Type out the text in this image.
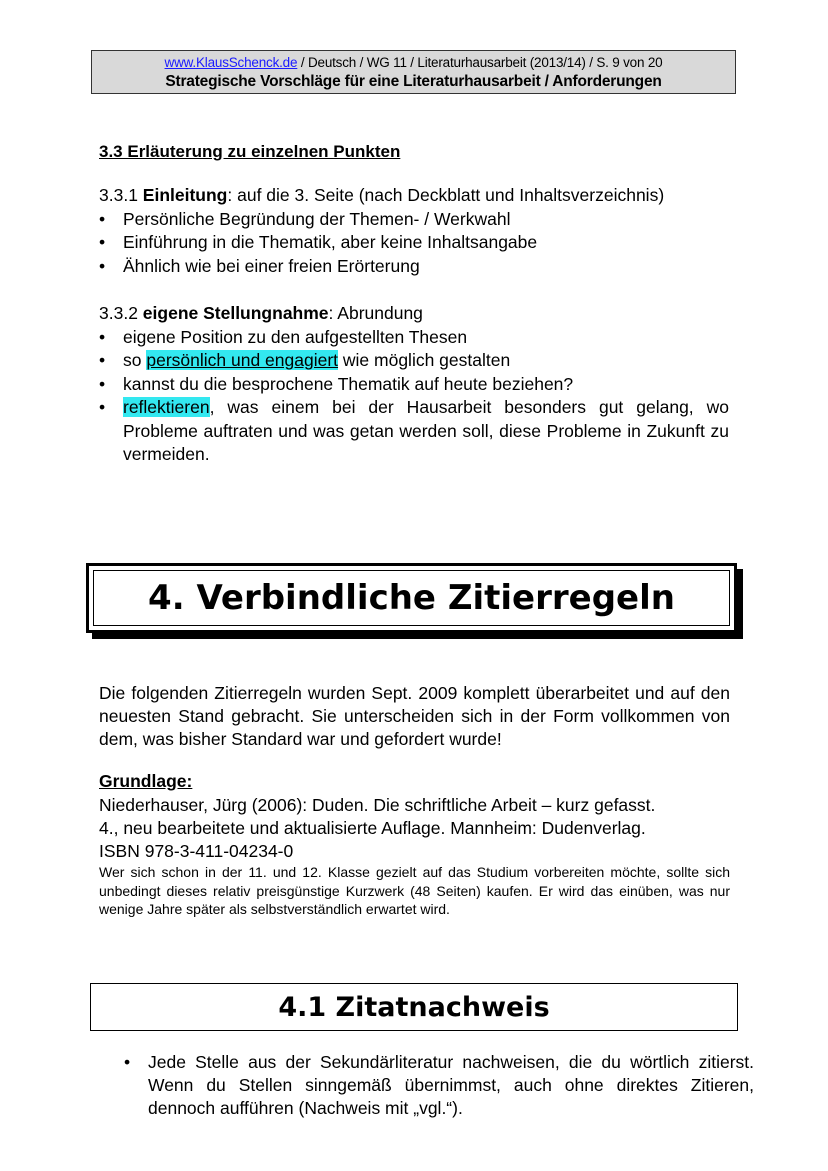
www.KlausSchenck.de / Deutsch / WG 11 / Literaturhausarbeit (2013/14) / S. 9 von 20
Strategische Vorschläge für eine Literaturhausarbeit / Anforderungen
3.3 Erläuterung zu einzelnen Punkten
3.3.1 Einleitung: auf die 3. Seite (nach Deckblatt und Inhaltsverzeichnis)
• Persönliche Begründung der Themen- / Werkwahl
• Einführung in die Thematik, aber keine Inhaltsangabe
• Ähnlich wie bei einer freien Erörterung
3.3.2 eigene Stellungnahme: Abrundung
• eigene Position zu den aufgestellten Thesen
• so persönlich und engagiert wie möglich gestalten
• kannst du die besprochene Thematik auf heute beziehen?
• reflektieren, was einem bei der Hausarbeit besonders gut gelang, wo Probleme auftraten und was getan werden soll, diese Probleme in Zukunft zu vermeiden.
4. Verbindliche Zitierregeln
Die folgenden Zitierregeln wurden Sept. 2009 komplett überarbeitet und auf den neuesten Stand gebracht. Sie unterscheiden sich in der Form vollkommen von dem, was bisher Standard war und gefordert wurde!
Grundlage:
Niederhauser, Jürg (2006): Duden. Die schriftliche Arbeit – kurz gefasst.
4., neu bearbeitete und aktualisierte Auflage. Mannheim: Dudenverlag.
ISBN 978-3-411-04234-0
Wer sich schon in der 11. und 12. Klasse gezielt auf das Studium vorbereiten möchte, sollte sich unbedingt dieses relativ preisgünstige Kurzwerk (48 Seiten) kaufen. Er wird das einüben, was nur wenige Jahre später als selbstverständlich erwartet wird.
4.1 Zitatnachweis
• Jede Stelle aus der Sekundärliteratur nachweisen, die du wörtlich zitierst. Wenn du Stellen sinngemäß übernimmst, auch ohne direktes Zitieren, dennoch aufführen (Nachweis mit „vgl.“).
